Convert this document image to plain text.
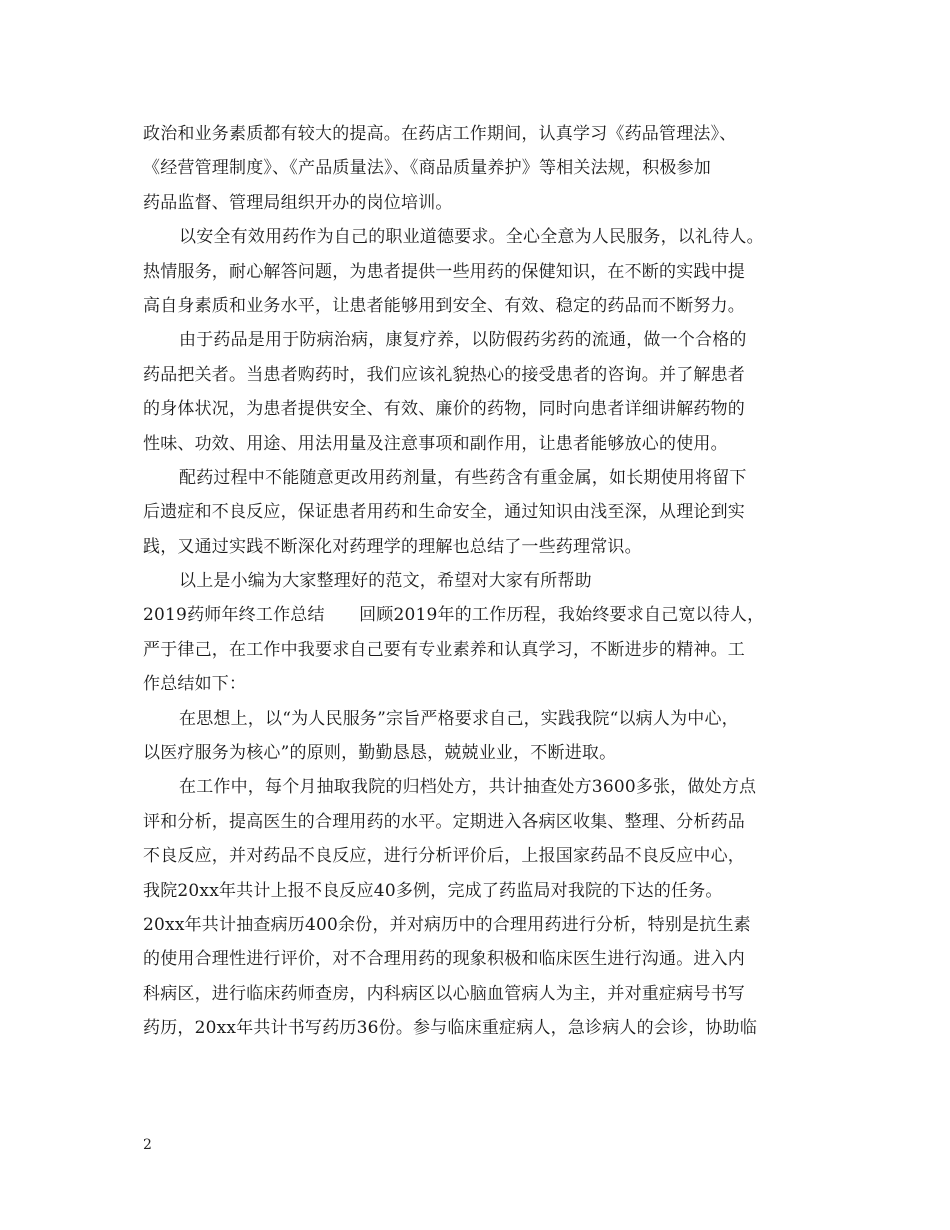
政治和业务素质都有较大的提高。在药店工作期间，认真学习《药品管理法》、
《经营管理制度》、《产品质量法》、《商品质量养护》等相关法规，积极参加
药品监督、管理局组织开办的岗位培训。
以安全有效用药作为自己的职业道德要求。全心全意为人民服务，以礼待人。
热情服务，耐心解答问题，为患者提供一些用药的保健知识，在不断的实践中提
高自身素质和业务水平，让患者能够用到安全、有效、稳定的药品而不断努力。
由于药品是用于防病治病，康复疗养，以防假药劣药的流通，做一个合格的
药品把关者。当患者购药时，我们应该礼貌热心的接受患者的咨询。并了解患者
的身体状况，为患者提供安全、有效、廉价的药物，同时向患者详细讲解药物的
性味、功效、用途、用法用量及注意事项和副作用，让患者能够放心的使用。
配药过程中不能随意更改用药剂量，有些药含有重金属，如长期使用将留下
后遗症和不良反应，保证患者用药和生命安全，通过知识由浅至深，从理论到实
践，又通过实践不断深化对药理学的理解也总结了一些药理常识。
以上是小编为大家整理好的范文，希望对大家有所帮助
2019药师年终工作总结　　回顾2019年的工作历程，我始终要求自己宽以待人，
严于律己，在工作中我要求自己要有专业素养和认真学习，不断进步的精神。工
作总结如下：
在思想上，以“为人民服务”宗旨严格要求自己，实践我院“以病人为中心，
以医疗服务为核心”的原则，勤勤恳恳，兢兢业业，不断进取。
在工作中，每个月抽取我院的归档处方，共计抽查处方3600多张，做处方点
评和分析，提高医生的合理用药的水平。定期进入各病区收集、整理、分析药品
不良反应，并对药品不良反应，进行分析评价后，上报国家药品不良反应中心，
我院20xx年共计上报不良反应40多例，完成了药监局对我院的下达的任务。
20xx年共计抽查病历400余份，并对病历中的合理用药进行分析，特别是抗生素
的使用合理性进行评价，对不合理用药的现象积极和临床医生进行沟通。进入内
科病区，进行临床药师查房，内科病区以心脑血管病人为主，并对重症病号书写
药历，20xx年共计书写药历36份。参与临床重症病人，急诊病人的会诊，协助临
2
